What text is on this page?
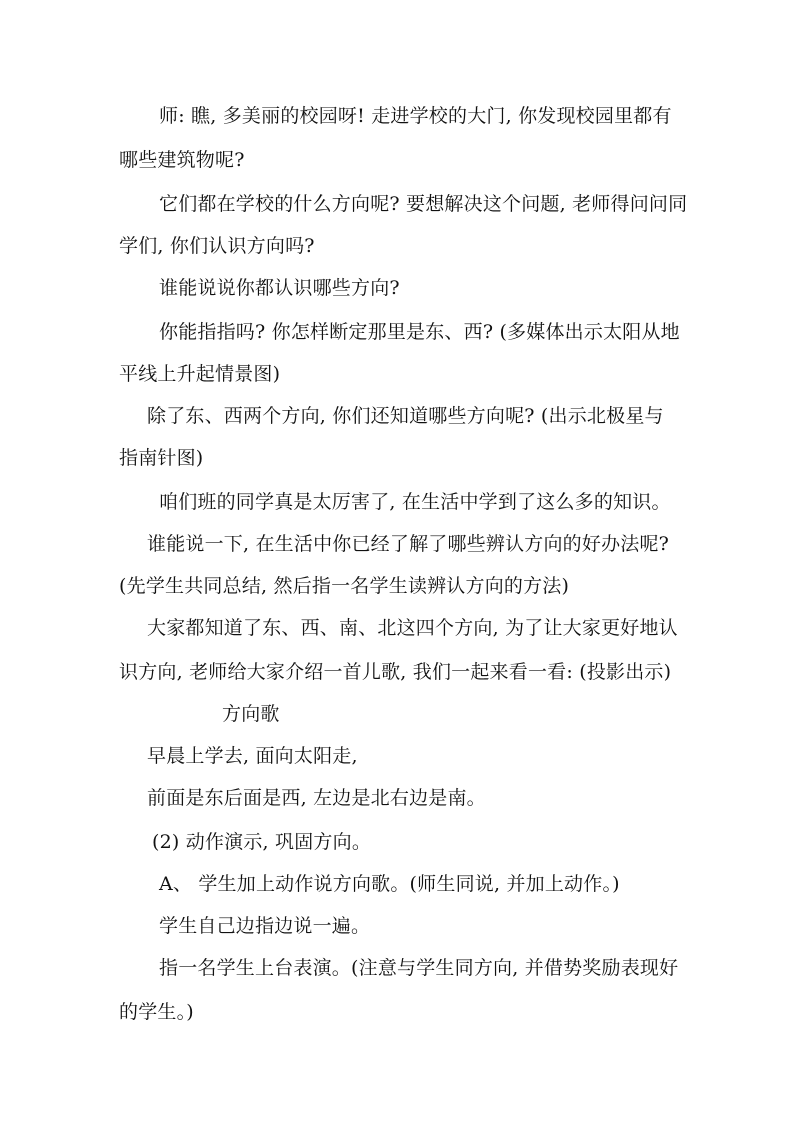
师: 瞧, 多美丽的校园呀! 走进学校的大门, 你发现校园里都有
哪些建筑物呢?
它们都在学校的什么方向呢? 要想解决这个问题, 老师得问问同
学们, 你们认识方向吗?
谁能说说你都认识哪些方向?
你能指指吗? 你怎样断定那里是东、西? (多媒体出示太阳从地
平线上升起情景图)
除了东、西两个方向, 你们还知道哪些方向呢? (出示北极星与
指南针图)
咱们班的同学真是太厉害了, 在生活中学到了这么多的知识。
谁能说一下, 在生活中你已经了解了哪些辨认方向的好办法呢?
(先学生共同总结, 然后指一名学生读辨认方向的方法)
大家都知道了东、西、南、北这四个方向, 为了让大家更好地认
识方向, 老师给大家介绍一首儿歌, 我们一起来看一看: (投影出示)
方向歌
早晨上学去, 面向太阳走,
前面是东后面是西, 左边是北右边是南。
(2) 动作演示, 巩固方向。
A、 学生加上动作说方向歌。(师生同说, 并加上动作。)
学生自己边指边说一遍。
指一名学生上台表演。(注意与学生同方向, 并借势奖励表现好
的学生。)
